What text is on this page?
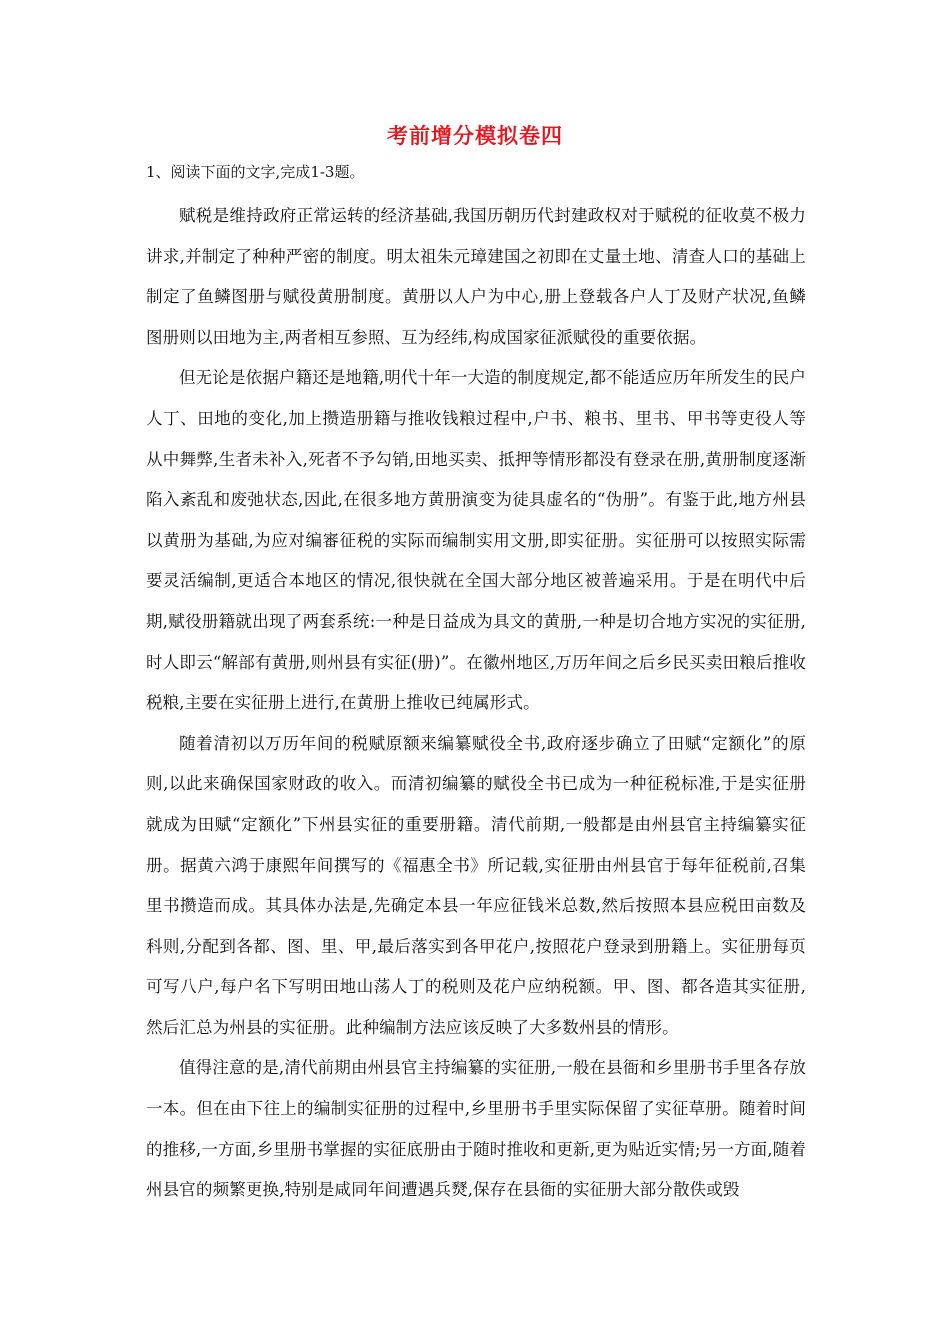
考前增分模拟卷四
1、阅读下面的文字,完成1-3题。

赋税是维持政府正常运转的经济基础,我国历朝历代封建政权对于赋税的征收莫不极力讲求,并制定了种种严密的制度。明太祖朱元璋建国之初即在丈量土地、清查人口的基础上制定了鱼鳞图册与赋役黄册制度。黄册以人户为中心,册上登载各户人丁及财产状况,鱼鳞图册则以田地为主,两者相互参照、互为经纬,构成国家征派赋役的重要依据。

但无论是依据户籍还是地籍,明代十年一大造的制度规定,都不能适应历年所发生的民户人丁、田地的变化,加上攒造册籍与推收钱粮过程中,户书、粮书、里书、甲书等吏役人等从中舞弊,生者未补入,死者不予勾销,田地买卖、抵押等情形都没有登录在册,黄册制度逐渐陷入紊乱和废弛状态,因此,在很多地方黄册演变为徒具虚名的“伪册”。有鉴于此,地方州县以黄册为基础,为应对编審征税的实际而编制实用文册,即实征册。实征册可以按照实际需要灵活编制,更适合本地区的情况,很快就在全国大部分地区被普遍采用。于是在明代中后期,赋役册籍就出现了两套系统:一种是日益成为具文的黄册,一种是切合地方实况的实征册,时人即云“解部有黄册,则州县有实征(册)”。在徽州地区,万历年间之后乡民买卖田粮后推收税粮,主要在实征册上进行,在黄册上推收已纯属形式。

随着清初以万历年间的税赋原额来编纂赋役全书,政府逐步确立了田赋“定额化”的原则,以此来确保国家财政的收入。而清初编纂的赋役全书已成为一种征税标准,于是实征册就成为田赋“定额化”下州县实征的重要册籍。清代前期,一般都是由州县官主持编纂实征册。据黄六鸿于康熙年间撰写的《福惠全书》所记载,实征册由州县官于每年征税前,召集里书攒造而成。其具体办法是,先确定本县一年应征钱米总数,然后按照本县应税田亩数及科则,分配到各都、图、里、甲,最后落实到各甲花户,按照花户登录到册籍上。实征册每页可写八户,每户名下写明田地山荡人丁的税则及花户应纳税额。甲、图、都各造其实征册,然后汇总为州县的实征册。此种编制方法应该反映了大多数州县的情形。

值得注意的是,清代前期由州县官主持编纂的实征册,一般在县衙和乡里册书手里各存放一本。但在由下往上的编制实征册的过程中,乡里册书手里实际保留了实征草册。随着时间的推移,一方面,乡里册书掌握的实征底册由于随时推收和更新,更为贴近实情;另一方面,随着州县官的频繁更换,特别是咸同年间遭遇兵燹,保存在县衙的实征册大部分散佚或毁
